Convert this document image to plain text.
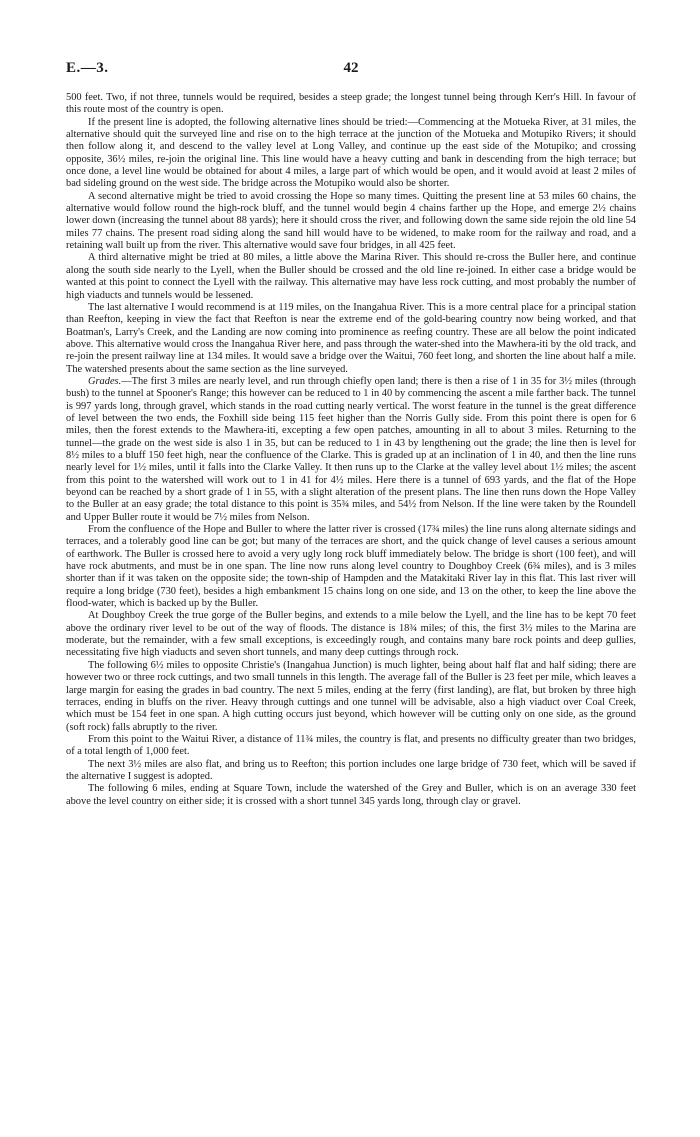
E.—3.	42

500 feet. Two, if not three, tunnels would be required, besides a steep grade; the longest tunnel being through Kerr's Hill. In favour of this route most of the country is open.

If the present line is adopted, the following alternative lines should be tried:—Commencing at the Motueka River, at 31 miles, the alternative should quit the surveyed line and rise on to the high terrace at the junction of the Motueka and Motupiko Rivers; it should then follow along it, and descend to the valley level at Long Valley, and continue up the east side of the Motupiko; and crossing opposite, 36½ miles, re-join the original line. This line would have a heavy cutting and bank in descending from the high terrace; but once done, a level line would be obtained for about 4 miles, a large part of which would be open, and it would avoid at least 2 miles of bad sideling ground on the west side. The bridge across the Motupiko would also be shorter.

A second alternative might be tried to avoid crossing the Hope so many times. Quitting the present line at 53 miles 60 chains, the alternative would follow round the high-rock bluff, and the tunnel would begin 4 chains farther up the Hope, and emerge 2½ chains lower down (increasing the tunnel about 88 yards); here it should cross the river, and following down the same side rejoin the old line 54 miles 77 chains. The present road siding along the sand hill would have to be widened, to make room for the railway and road, and a retaining wall built up from the river. This alternative would save four bridges, in all 425 feet.

A third alternative might be tried at 80 miles, a little above the Marina River. This should re-cross the Buller here, and continue along the south side nearly to the Lyell, when the Buller should be crossed and the old line re-joined. In either case a bridge would be wanted at this point to connect the Lyell with the railway. This alternative may have less rock cutting, and most probably the number of high viaducts and tunnels would be lessened.

The last alternative I would recommend is at 119 miles, on the Inangahua River. This is a more central place for a principal station than Reefton, keeping in view the fact that Reefton is near the extreme end of the gold-bearing country now being worked, and that Boatman's, Larry's Creek, and the Landing are now coming into prominence as reefing country. These are all below the point indicated above. This alternative would cross the Inangahua River here, and pass through the water-shed into the Mawhera-iti by the old track, and re-join the present railway line at 134 miles. It would save a bridge over the Waitui, 760 feet long, and shorten the line about half a mile. The watershed presents about the same section as the line surveyed.

Grades.—The first 3 miles are nearly level, and run through chiefly open land; there is then a rise of 1 in 35 for 3½ miles (through bush) to the tunnel at Spooner's Range; this however can be reduced to 1 in 40 by commencing the ascent a mile farther back. The tunnel is 997 yards long, through gravel, which stands in the road cutting nearly vertical. The worst feature in the tunnel is the great difference of level between the two ends, the Foxhill side being 115 feet higher than the Norris Gully side. From this point there is open for 6 miles, then the forest extends to the Mawhera-iti, excepting a few open patches, amounting in all to about 3 miles. Returning to the tunnel—the grade on the west side is also 1 in 35, but can be reduced to 1 in 43 by lengthening out the grade; the line then is level for 8½ miles to a bluff 150 feet high, near the confluence of the Clarke. This is graded up at an inclination of 1 in 40, and then the line runs nearly level for 1½ miles, until it falls into the Clarke Valley. It then runs up to the Clarke at the valley level about 1½ miles; the ascent from this point to the watershed will work out to 1 in 41 for 4½ miles. Here there is a tunnel of 693 yards, and the flat of the Hope beyond can be reached by a short grade of 1 in 55, with a slight alteration of the present plans. The line then runs down the Hope Valley to the Buller at an easy grade; the total distance to this point is 35¾ miles, and 54½ from Nelson. If the line were taken by the Roundell and Upper Buller route it would be 7½ miles from Nelson.

From the confluence of the Hope and Buller to where the latter river is crossed (17¾ miles) the line runs along alternate sidings and terraces, and a tolerably good line can be got; but many of the terraces are short, and the quick change of level causes a serious amount of earthwork. The Buller is crossed here to avoid a very ugly long rock bluff immediately below. The bridge is short (100 feet), and will have rock abutments, and must be in one span. The line now runs along level country to Doughboy Creek (6¾ miles), and is 3 miles shorter than if it was taken on the opposite side; the town-ship of Hampden and the Matakitaki River lay in this flat. This last river will require a long bridge (730 feet), besides a high embankment 15 chains long on one side, and 13 on the other, to keep the line above the flood-water, which is backed up by the Buller.

At Doughboy Creek the true gorge of the Buller begins, and extends to a mile below the Lyell, and the line has to be kept 70 feet above the ordinary river level to be out of the way of floods. The distance is 18¾ miles; of this, the first 3½ miles to the Marina are moderate, but the remainder, with a few small exceptions, is exceedingly rough, and contains many bare rock points and deep gullies, necessitating five high viaducts and seven short tunnels, and many deep cuttings through rock.

The following 6½ miles to opposite Christie's (Inangahua Junction) is much lighter, being about half flat and half siding; there are however two or three rock cuttings, and two small tunnels in this length. The average fall of the Buller is 23 feet per mile, which leaves a large margin for easing the grades in bad country. The next 5 miles, ending at the ferry (first landing), are flat, but broken by three high terraces, ending in bluffs on the river. Heavy through cuttings and one tunnel will be advisable, also a high viaduct over Coal Creek, which must be 154 feet in one span. A high cutting occurs just beyond, which however will be cutting only on one side, as the ground (soft rock) falls abruptly to the river.

From this point to the Waitui River, a distance of 11¾ miles, the country is flat, and presents no difficulty greater than two bridges, of a total length of 1,000 feet.

The next 3½ miles are also flat, and bring us to Reefton; this portion includes one large bridge of 730 feet, which will be saved if the alternative I suggest is adopted.

The following 6 miles, ending at Square Town, include the watershed of the Grey and Buller, which is on an average 330 feet above the level country on either side; it is crossed with a short tunnel 345 yards long, through clay or gravel.
